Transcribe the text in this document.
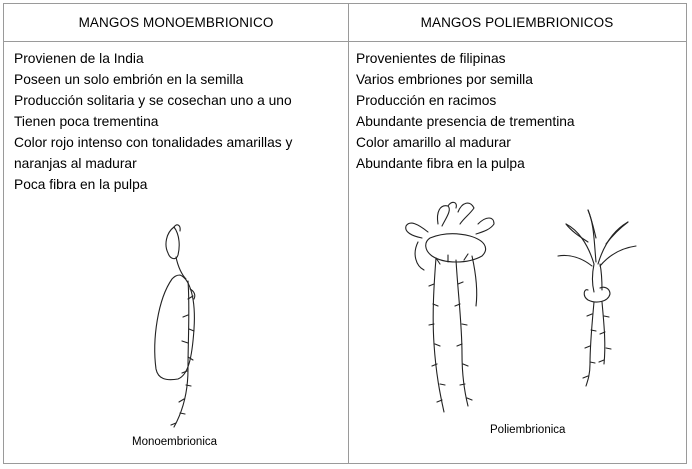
MANGOS MONOEMBRIONICO
Provienen de la India
Poseen un solo embrión en la semilla
Producción solitaria y se cosechan uno a uno
Tienen poca trementina
Color rojo intenso con tonalidades amarillas y naranjas al madurar
Poca fibra en la pulpa
Monoembrionica
MANGOS POLIEMBRIONICOS
Provenientes de filipinas
Varios embriones por semilla
Producción en racimos
Abundante presencia de trementina
Color amarillo al madurar
Abundante fibra en la pulpa
Poliembrionica
